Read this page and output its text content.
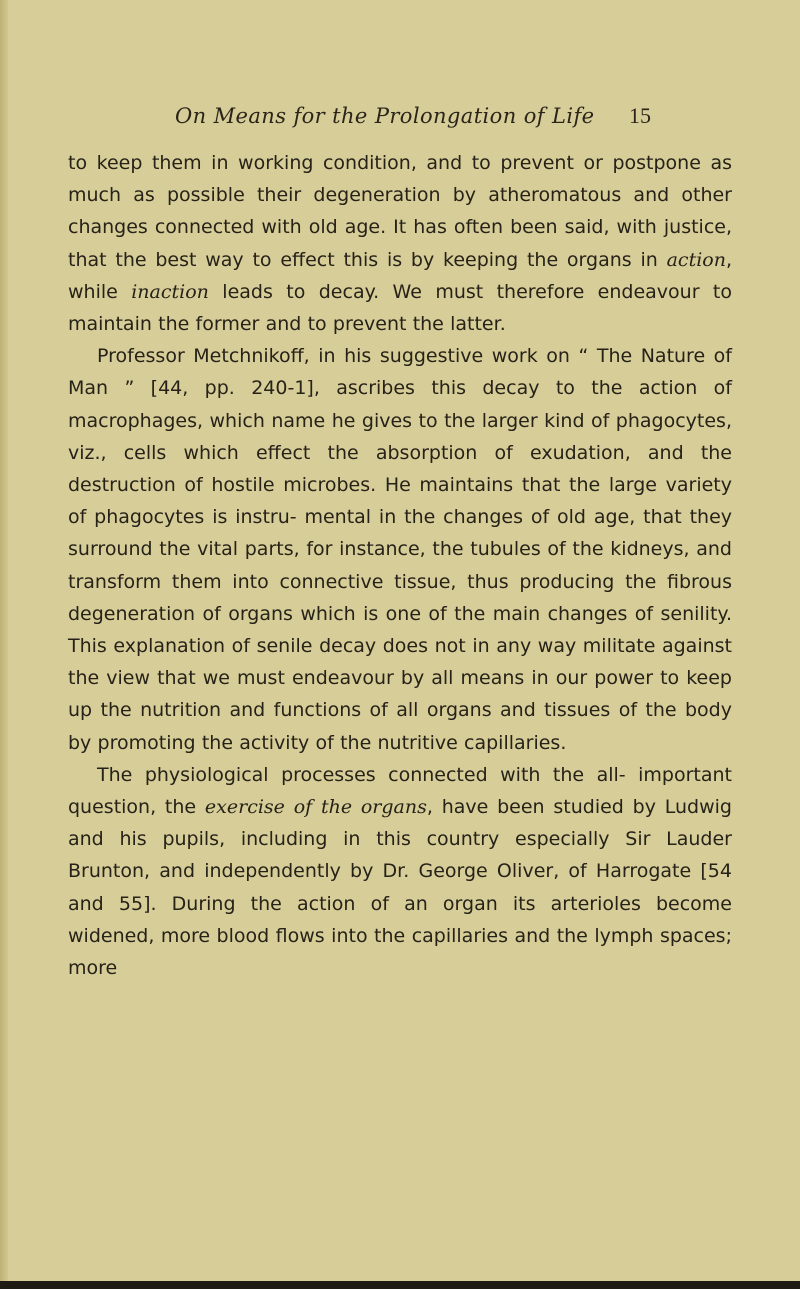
On Means for the Prolongation of Life	15

to keep them in working condition, and to prevent or postpone as much as possible their degeneration by atheromatous and other changes connected with old age. It has often been said, with justice, that the best way to effect this is by keeping the organs in action, while inaction leads to decay. We must therefore endeavour to maintain the former and to prevent the latter.

Professor Metchnikoff, in his suggestive work on “ The Nature of Man ” [44, pp. 240-1], ascribes this decay to the action of macrophages, which name he gives to the larger kind of phagocytes, viz., cells which effect the absorption of exudation, and the destruction of hostile microbes. He maintains that the large variety of phagocytes is instru- mental in the changes of old age, that they surround the vital parts, for instance, the tubules of the kidneys, and transform them into connective tissue, thus producing the fibrous degeneration of organs which is one of the main changes of senility. This explanation of senile decay does not in any way militate against the view that we must endeavour by all means in our power to keep up the nutrition and functions of all organs and tissues of the body by promoting the activity of the nutritive capillaries.

The physiological processes connected with the all- important question, the exercise of the organs, have been studied by Ludwig and his pupils, including in this country especially Sir Lauder Brunton, and independently by Dr. George Oliver, of Harrogate [54 and 55]. During the action of an organ its arterioles become widened, more blood flows into the capillaries and the lymph spaces; more
